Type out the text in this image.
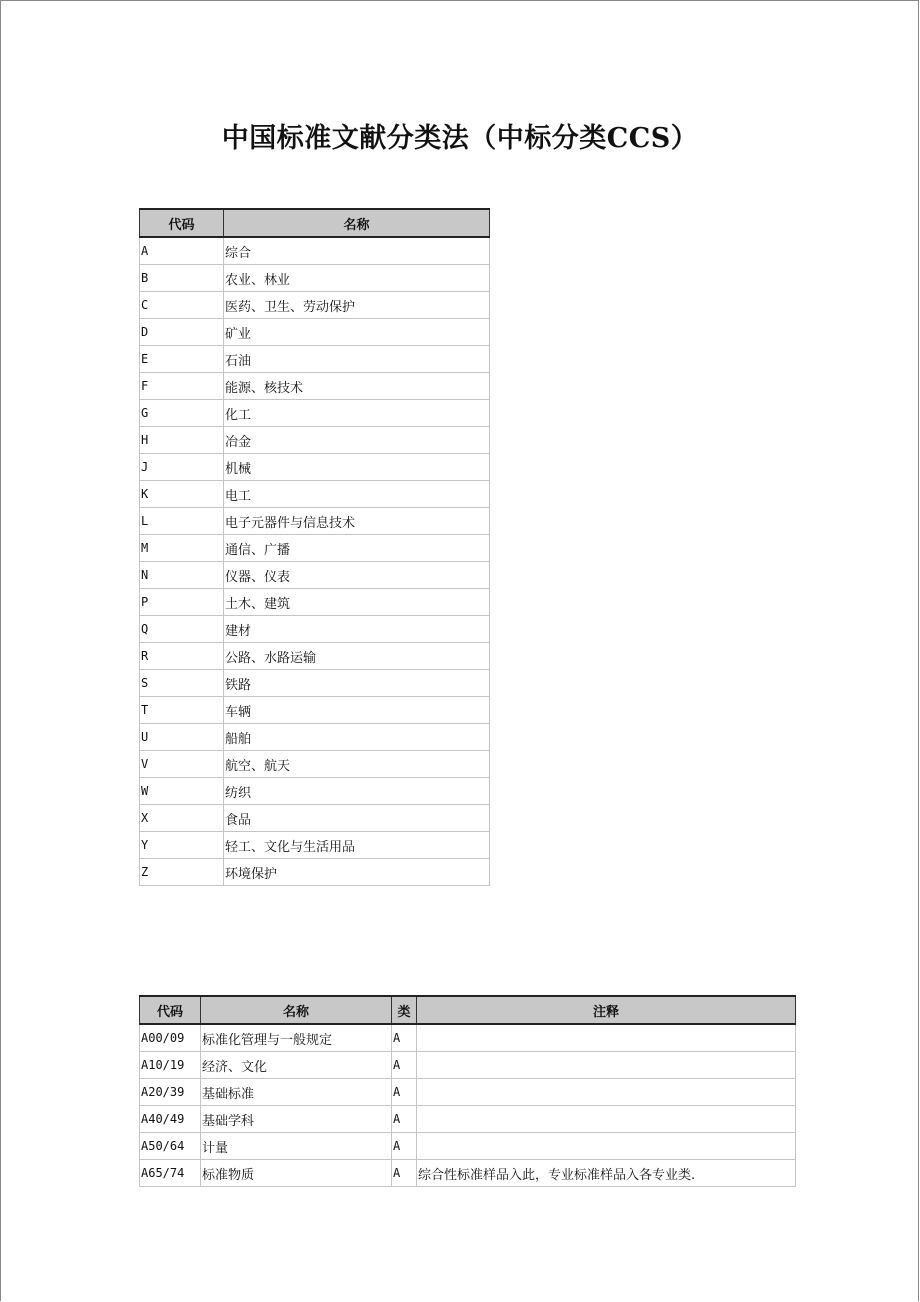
中国标准文献分类法（中标分类CCS）
代码	名称
A	综合
B	农业、林业
C	医药、卫生、劳动保护
D	矿业
E	石油
F	能源、核技术
G	化工
H	冶金
J	机械
K	电工
L	电子元器件与信息技术
M	通信、广播
N	仪器、仪表
P	土木、建筑
Q	建材
R	公路、水路运输
S	铁路
T	车辆
U	船舶
V	航空、航天
W	纺织
X	食品
Y	轻工、文化与生活用品
Z	环境保护
代码	名称	类	注释
A00/09	标准化管理与一般规定	A	
A10/19	经济、文化	A	
A20/39	基础标准	A	
A40/49	基础学科	A	
A50/64	计量	A	
A65/74	标准物质	A	综合性标准样品入此，专业标准样品入各专业类.
